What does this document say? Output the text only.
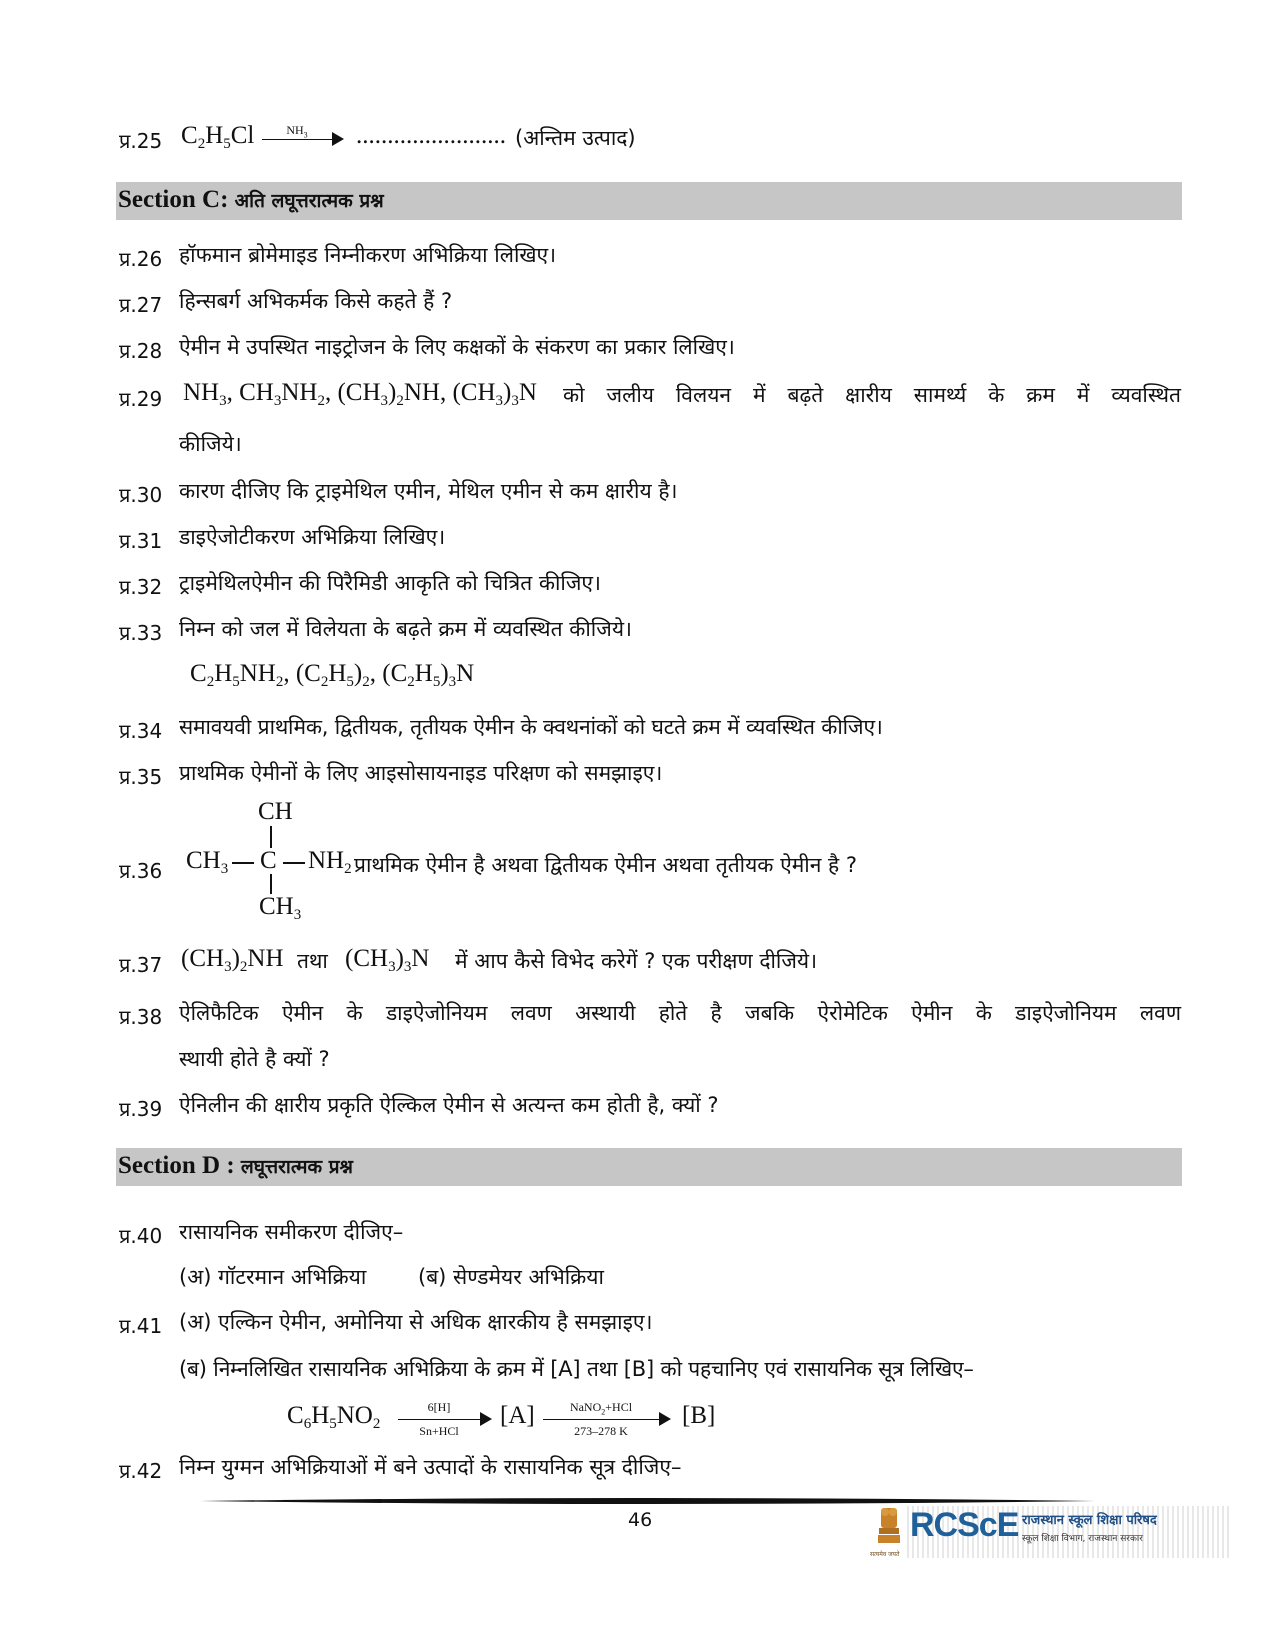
प्र.25 $C_2H_5Cl$	$NH_3$	........................ (अन्तिम उत्पाद)
Section C: अति लघूत्तरात्मक प्रश्न
प्र.26 हॉफमान ब्रोमेमाइड निम्नीकरण अभिक्रिया लिखिए।
प्र.27 हिन्सबर्ग अभिकर्मक किसे कहते हैं ?
प्र.28 ऐमीन मे उपस्थित नाइट्रोजन के लिए कक्षकों के संकरण का प्रकार लिखिए।
प्र.29 $NH_3$, $CH_3NH_2$, $(CH_3)_2NH$, $(CH_3)_3N$ को जलीय विलयन में बढ़ते क्षारीय सामर्थ्य के क्रम में व्यवस्थित
कीजिये।
प्र.30 कारण दीजिए कि ट्राइमेथिल एमीन, मेथिल एमीन से कम क्षारीय है।
प्र.31 डाइऐजोटीकरण अभिक्रिया लिखिए।
प्र.32 ट्राइमेथिलऐमीन की पिरैमिडी आकृति को चित्रित कीजिए।
प्र.33 निम्न को जल में विलेयता के बढ़ते क्रम में व्यवस्थित कीजिये।
$C_2H_5NH_2$, $(C_2H_5)_2$, $(C_2H_5)_3N$
प्र.34 समावयवी प्राथमिक, द्वितीयक, तृतीयक ऐमीन के क्वथनांकों को घटते क्रम में व्यवस्थित कीजिए।
प्र.35 प्राथमिक ऐमीनों के लिए आइसोसायनाइड परिक्षण को समझाइए।
प्र.36
CH
$CH_3$ C $NH_2$
$CH_3$
प्राथमिक ऐमीन है अथवा द्वितीयक ऐमीन अथवा तृतीयक ऐमीन है ?
प्र.37 $(CH_3)_2NH$ तथा $(CH_3)_3N$ में आप कैसे विभेद करेगें ? एक परीक्षण दीजिये।
प्र.38 ऐलिफैटिक ऐमीन के डाइऐजोनियम लवण अस्थायी होते है जबकि ऐरोमेटिक ऐमीन के डाइऐजोनियम लवण
स्थायी होते है क्यों ?
प्र.39 ऐनिलीन की क्षारीय प्रकृति ऐल्किल ऐमीन से अत्यन्त कम होती है, क्यों ?
Section D : लघूत्तरात्मक प्रश्न
प्र.40 रासायनिक समीकरण दीजिए–
(अ) गॉटरमान अभिक्रिया (ब) सेण्डमेयर अभिक्रिया
प्र.41 (अ) एल्किन ऐमीन, अमोनिया से अधिक क्षारकीय है समझाइए।
(ब) निम्नलिखित रासायनिक अभिक्रिया के क्रम में [A] तथा [B] को पहचानिए एवं रासायनिक सूत्र लिखिए–
$C_6H_5NO_2$
6[H]
Sn+HCl
[A]	NaNO$_2$+HCl
273–278 K
[B]
प्र.42 निम्न युग्मन अभिक्रियाओं में बने उत्पादों के रासायनिक सूत्र दीजिए–
46
सत्यमेव जयते
RCScE राजस्थान स्कूल शिक्षा परिषद
स्कूल शिक्षा विभाग, राजस्थान सरकार
